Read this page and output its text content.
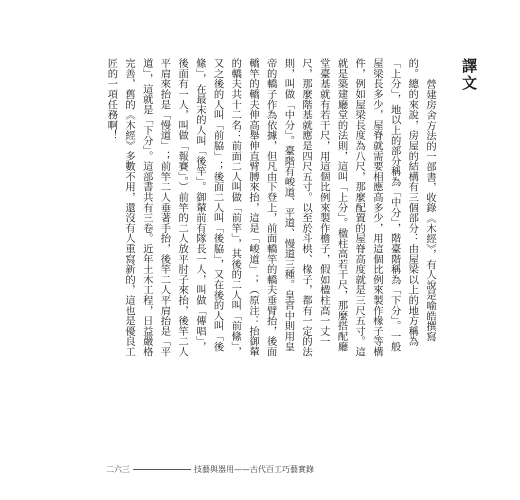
譯文

營建房舍方法的一部書，收錄《木經》，有人說是喻皓撰寫的。總的來說，房屋的結構有三個部分：由屋梁以上的地方稱為「上分」，地以上的部分稱為「中分」，階臺階稱為「下分」。一般屋梁長多少，屋脊就需要相應高多少，用這個比例來製作椽子等構件，例如屋梁長度為八尺，那麼配置的屋脊高度就是三尺五寸。這就是築建廳堂的法則，這叫「上分」。楹柱高若干尺，那麼搭配廳堂臺基就有若干尺，用這個比例來製作檐子，假如楹柱高一丈一尺，那麼階基就應是四尺五寸。以至於斗栱、椽子，都有一定的法則，叫做「中分」。臺階有峻道、平道、慢道三種。皇宮中則用皇帝的轎子作為依據，但凡由下登上，前面轎竿的轎夫垂臂抬，後面轎竿的轎夫伸高舉伸直臂膊來抬，這是「峻道」；（原注：抬御輦的轎夫共十二名：前面二人叫做「前竿」，其後的二人叫「前絛」，又之後的人叫「前脇」；後面二人叫「後脇」，又在後的人叫「後絛」，在最末的人叫「後竿」。御輦前有隊長一人，叫做「傳唱」，後面有一人，叫做「報賽」。）前竿的二人放平肘子來抬，後竿二人平肩來抬是「慢道」；前竿二人垂著手抬，後竿二人平肩抬是「平道」，這就是「下分」。這部書共有三卷。近年土木工程，日益嚴格完善，舊的《木經》多數不用，還沒有人重寫新的，這也是優良工匠的一項任務啊！

二六三	技藝與器用——古代百工巧藝實錄
